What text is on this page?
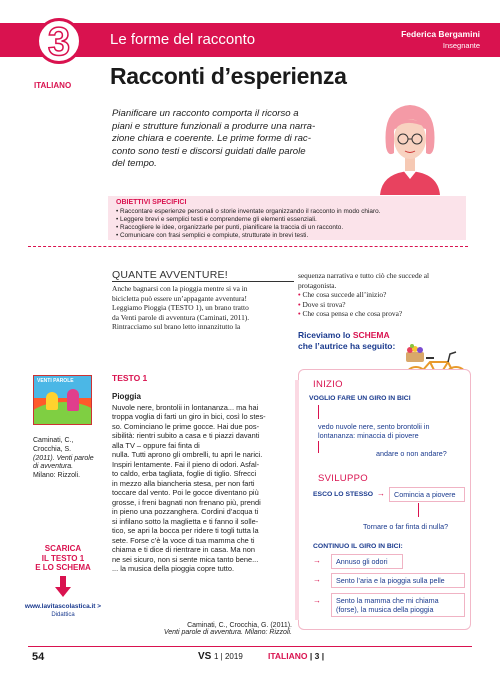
3
ITALIANO
Le forme del racconto	Federica Bergamini
Insegnante
Racconti d’esperienza
Pianificare un racconto comporta il ricorso a
piani e strutture funzionali a produrre una narra-
zione chiara e coerente. Le prime forme di rac-
conto sono testi e discorsi guidati dalle parole
del tempo.
OBIETTIVI SPECIFICI
• Raccontare esperienze personali o storie inventate organizzando il racconto in modo chiaro.
• Leggere brevi e semplici testi e comprenderne gli elementi essenziali.
• Raccogliere le idee, organizzarle per punti, pianificare la traccia di un racconto.
• Comunicare con frasi semplici e compiute, strutturate in brevi testi.
QUANTE AVVENTURE!
Anche bagnarsi con la pioggia mentre si va in
bicicletta può essere un’appagante avventura!
Leggiamo Pioggia (TESTO 1), un brano tratto
da Venti parole di avventura (Caminati, 2011).
Rintracciamo sul brano letto innanzitutto la
sequenza narrativa e tutto ciò che succede al
protagonista.
• Che cosa succede all’inizio?
• Dove si trova?
• Che cosa pensa e che cosa prova?
Riceviamo lo SCHEMA
che l’autrice ha seguito:
TESTO 1
Pioggia
Nuvole nere, brontolii in lontananza... ma hai
troppa voglia di farti un giro in bici, così lo stes-
so. Cominciano le prime gocce. Hai due pos-
sibilità: rientri subito a casa e ti piazzi davanti
alla TV – oppure fai finta di
nulla. Tutti aprono gli ombrelli, tu apri le narici.
Inspiri lentamente. Fai il pieno di odori. Asfal-
to caldo, erba tagliata, foglie di tiglio. Sfrecci
in mezzo alla biancheria stesa, per non farti
toccare dal vento. Poi le gocce diventano più
grosse, i freni bagnati non frenano più, prendi
in pieno una pozzanghera. Cordini d’acqua ti
si infilano sotto la maglietta e ti fanno il solle-
tico, se apri la bocca per ridere ti togli tutta la
sete. Forse c’è la voce di tua mamma che ti
chiama e ti dice di rientrare in casa. Ma non
ne sei sicuro, non si sente mica tanto bene...
... la musica della pioggia copre tutto.
Caminati, C., Crocchia, G. (2011).
Venti parole di avventura. Milano: Rizzoli.
VENTI PAROLE
Caminati, C.,
Crocchia, S.
(2011). Venti parole
di avventura.
Milano: Rizzoli.
SCARICA
IL TESTO 1
E LO SCHEMA
www.lavitascolastica.it >
Didattica
INIZIO
VOGLIO FARE UN GIRO IN BICI
vedo nuvole nere, sento brontolii in lontananza: minaccia di piovere
andare o non andare?
SVILUPPO
ESCO LO STESSO →	Comincia a piovere
Tornare o far finta di nulla?
CONTINUO IL GIRO IN BICI:
→	Annuso gli odori
→	Sento l’aria e la pioggia sulla pelle
→	Sento la mamma che mi chiama (forse), la musica della pioggia
54	VS 1 | 2019	ITALIANO | 3 |
